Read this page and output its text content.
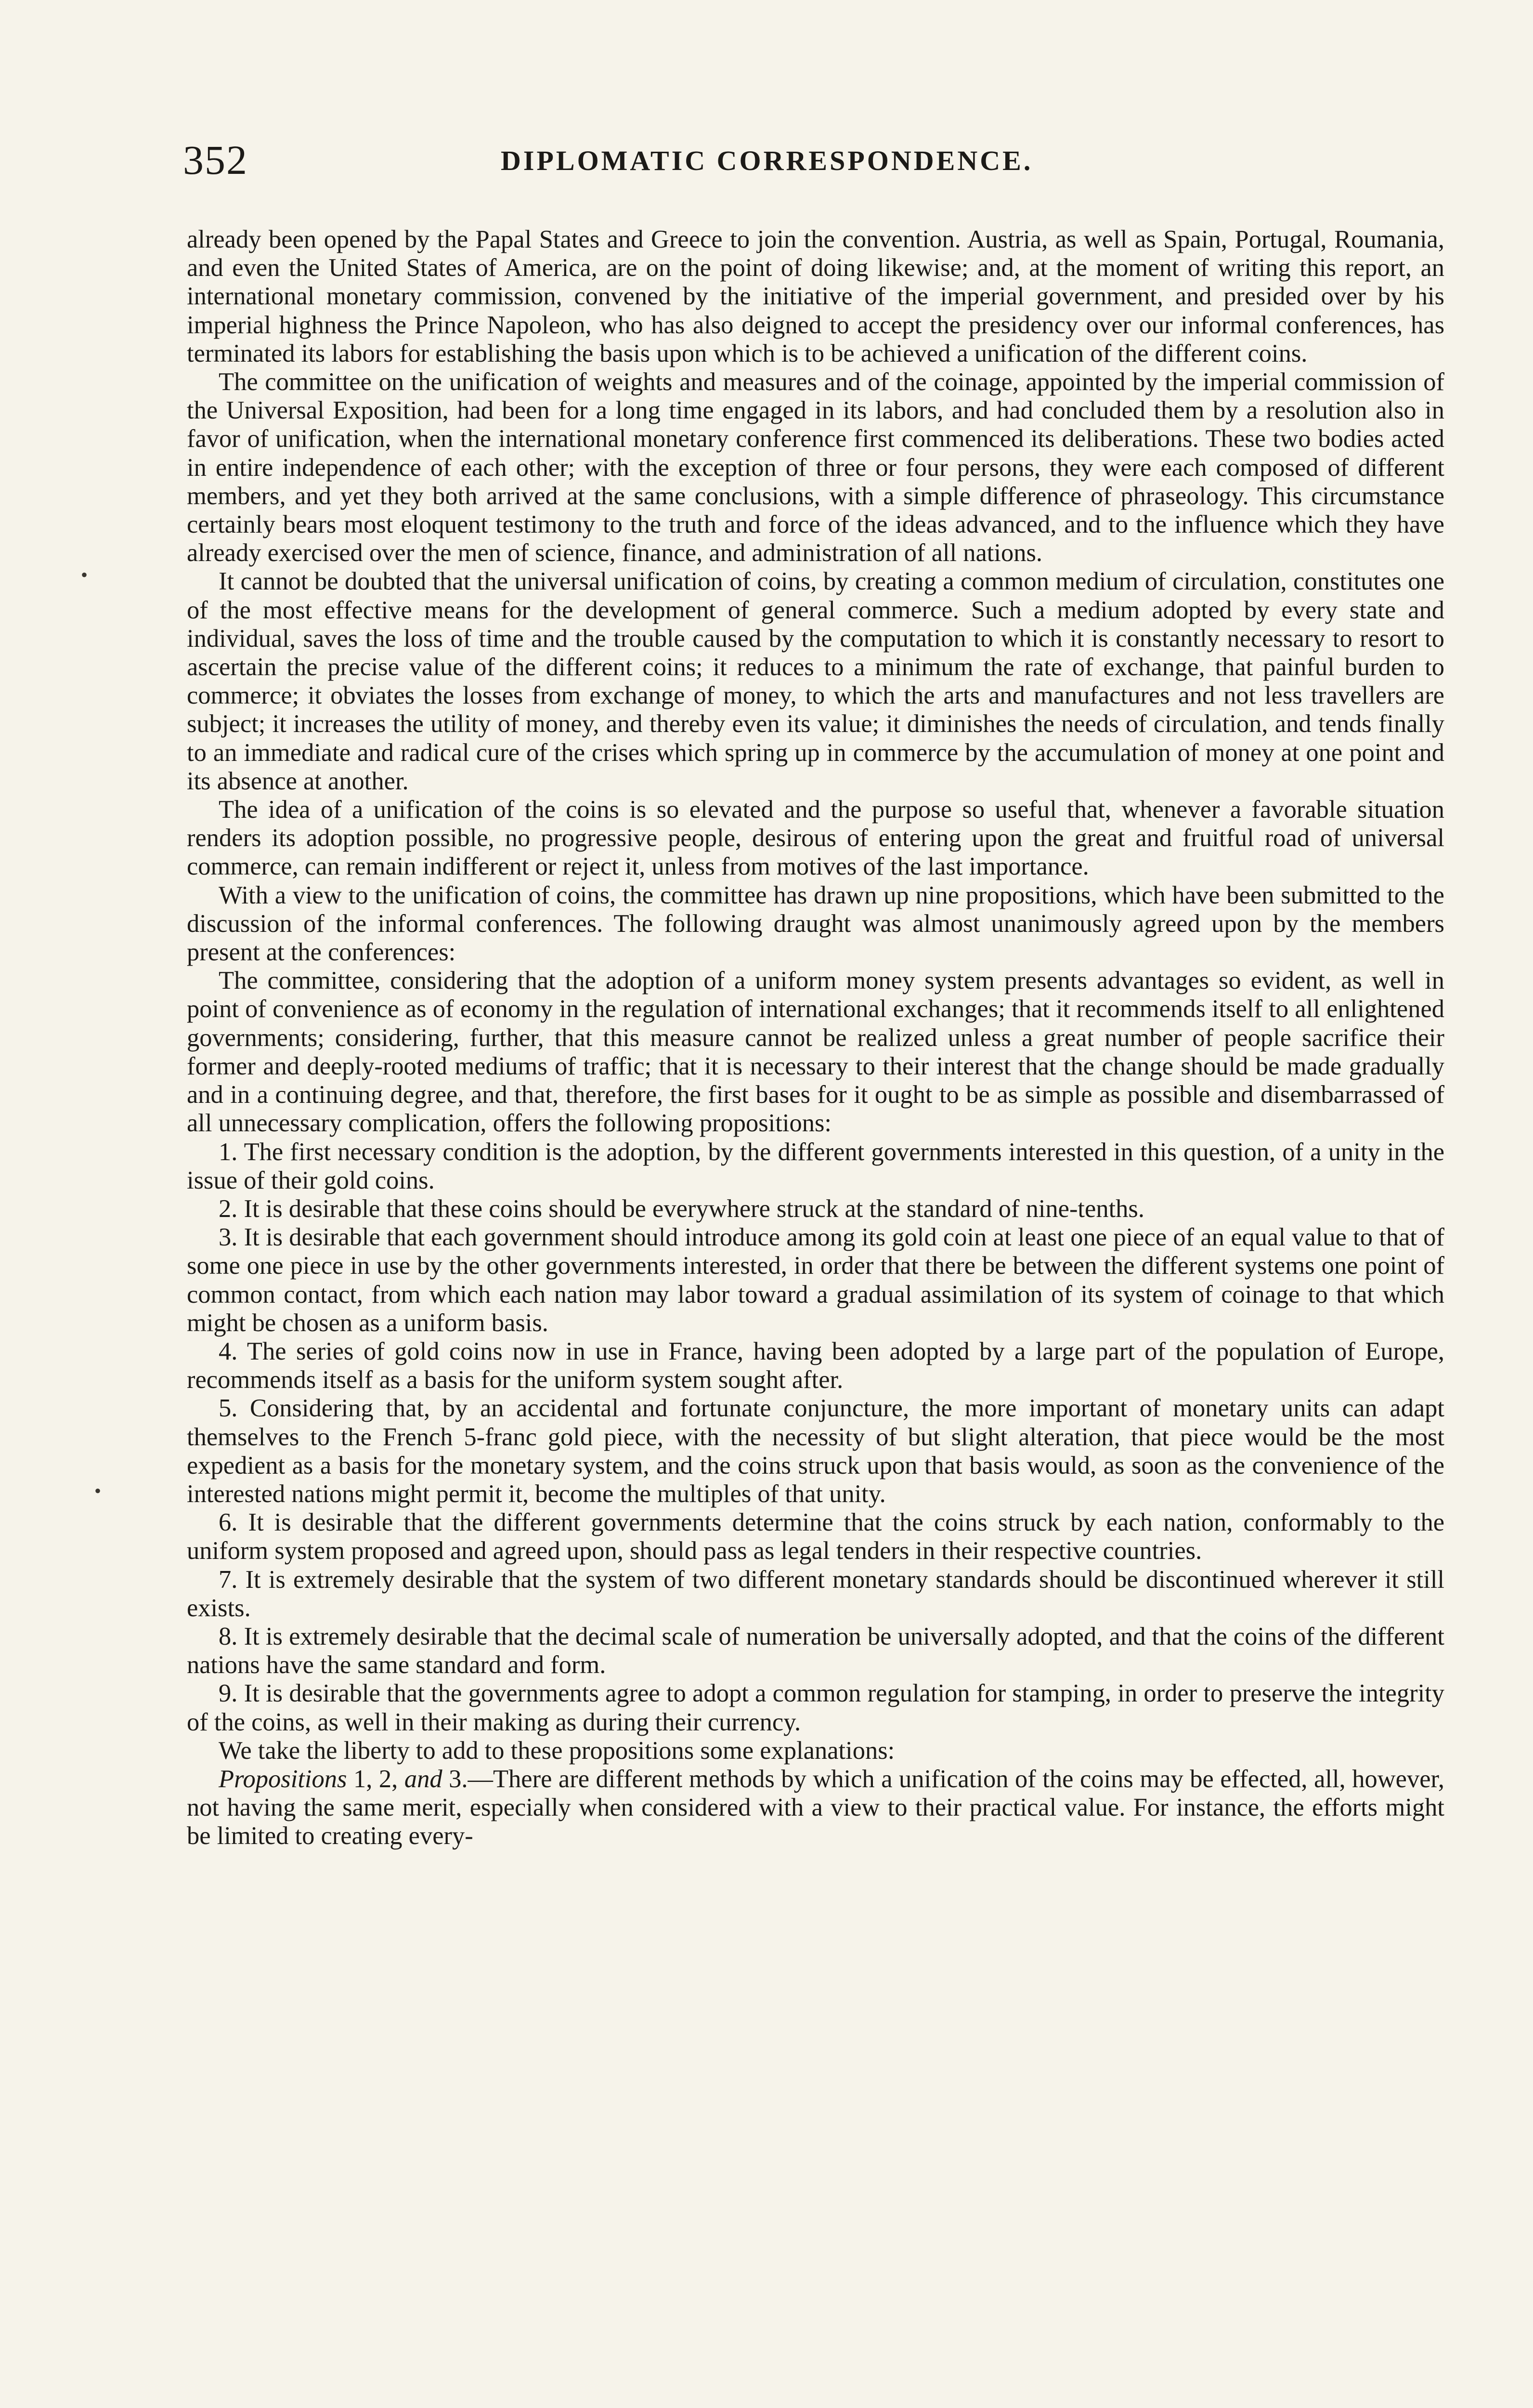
352	DIPLOMATIC CORRESPONDENCE.

already been opened by the Papal States and Greece to join the convention. Austria, as well as Spain, Portugal, Roumania, and even the United States of America, are on the point of doing likewise; and, at the moment of writing this report, an international monetary commission, convened by the initiative of the imperial government, and presided over by his imperial highness the Prince Napoleon, who has also deigned to accept the presidency over our informal conferences, has terminated its labors for establishing the basis upon which is to be achieved a unification of the different coins.

The committee on the unification of weights and measures and of the coinage, appointed by the imperial commission of the Universal Exposition, had been for a long time engaged in its labors, and had concluded them by a resolution also in favor of unification, when the international monetary conference first commenced its deliberations. These two bodies acted in entire independence of each other; with the exception of three or four persons, they were each composed of different members, and yet they both arrived at the same conclusions, with a simple difference of phraseology. This circumstance certainly bears most eloquent testimony to the truth and force of the ideas advanced, and to the influence which they have already exercised over the men of science, finance, and administration of all nations.

It cannot be doubted that the universal unification of coins, by creating a common medium of circulation, constitutes one of the most effective means for the development of general commerce. Such a medium adopted by every state and individual, saves the loss of time and the trouble caused by the computation to which it is constantly necessary to resort to ascertain the precise value of the different coins; it reduces to a minimum the rate of exchange, that painful burden to commerce; it obviates the losses from exchange of money, to which the arts and manufactures and not less travellers are subject; it increases the utility of money, and thereby even its value; it diminishes the needs of circulation, and tends finally to an immediate and radical cure of the crises which spring up in commerce by the accumulation of money at one point and its absence at another.

The idea of a unification of the coins is so elevated and the purpose so useful that, whenever a favorable situation renders its adoption possible, no progressive people, desirous of entering upon the great and fruitful road of universal commerce, can remain indifferent or reject it, unless from motives of the last importance.

With a view to the unification of coins, the committee has drawn up nine propositions, which have been submitted to the discussion of the informal conferences. The following draught was almost unanimously agreed upon by the members present at the conferences:

The committee, considering that the adoption of a uniform money system presents advantages so evident, as well in point of convenience as of economy in the regulation of international exchanges; that it recommends itself to all enlightened governments; considering, further, that this measure cannot be realized unless a great number of people sacrifice their former and deeply-rooted mediums of traffic; that it is necessary to their interest that the change should be made gradually and in a continuing degree, and that, therefore, the first bases for it ought to be as simple as possible and disembarrassed of all unnecessary complication, offers the following propositions:

1. The first necessary condition is the adoption, by the different governments interested in this question, of a unity in the issue of their gold coins.

2. It is desirable that these coins should be everywhere struck at the standard of nine-tenths.

3. It is desirable that each government should introduce among its gold coin at least one piece of an equal value to that of some one piece in use by the other governments interested, in order that there be between the different systems one point of common contact, from which each nation may labor toward a gradual assimilation of its system of coinage to that which might be chosen as a uniform basis.

4. The series of gold coins now in use in France, having been adopted by a large part of the population of Europe, recommends itself as a basis for the uniform system sought after.

5. Considering that, by an accidental and fortunate conjuncture, the more important of monetary units can adapt themselves to the French 5-franc gold piece, with the necessity of but slight alteration, that piece would be the most expedient as a basis for the monetary system, and the coins struck upon that basis would, as soon as the convenience of the interested nations might permit it, become the multiples of that unity.

6. It is desirable that the different governments determine that the coins struck by each nation, conformably to the uniform system proposed and agreed upon, should pass as legal tenders in their respective countries.

7. It is extremely desirable that the system of two different monetary standards should be discontinued wherever it still exists.

8. It is extremely desirable that the decimal scale of numeration be universally adopted, and that the coins of the different nations have the same standard and form.

9. It is desirable that the governments agree to adopt a common regulation for stamping, in order to preserve the integrity of the coins, as well in their making as during their currency.

We take the liberty to add to these propositions some explanations:

Propositions 1, 2, and 3.—There are different methods by which a unification of the coins may be effected, all, however, not having the same merit, especially when considered with a view to their practical value. For instance, the efforts might be limited to creating every-

•
•
